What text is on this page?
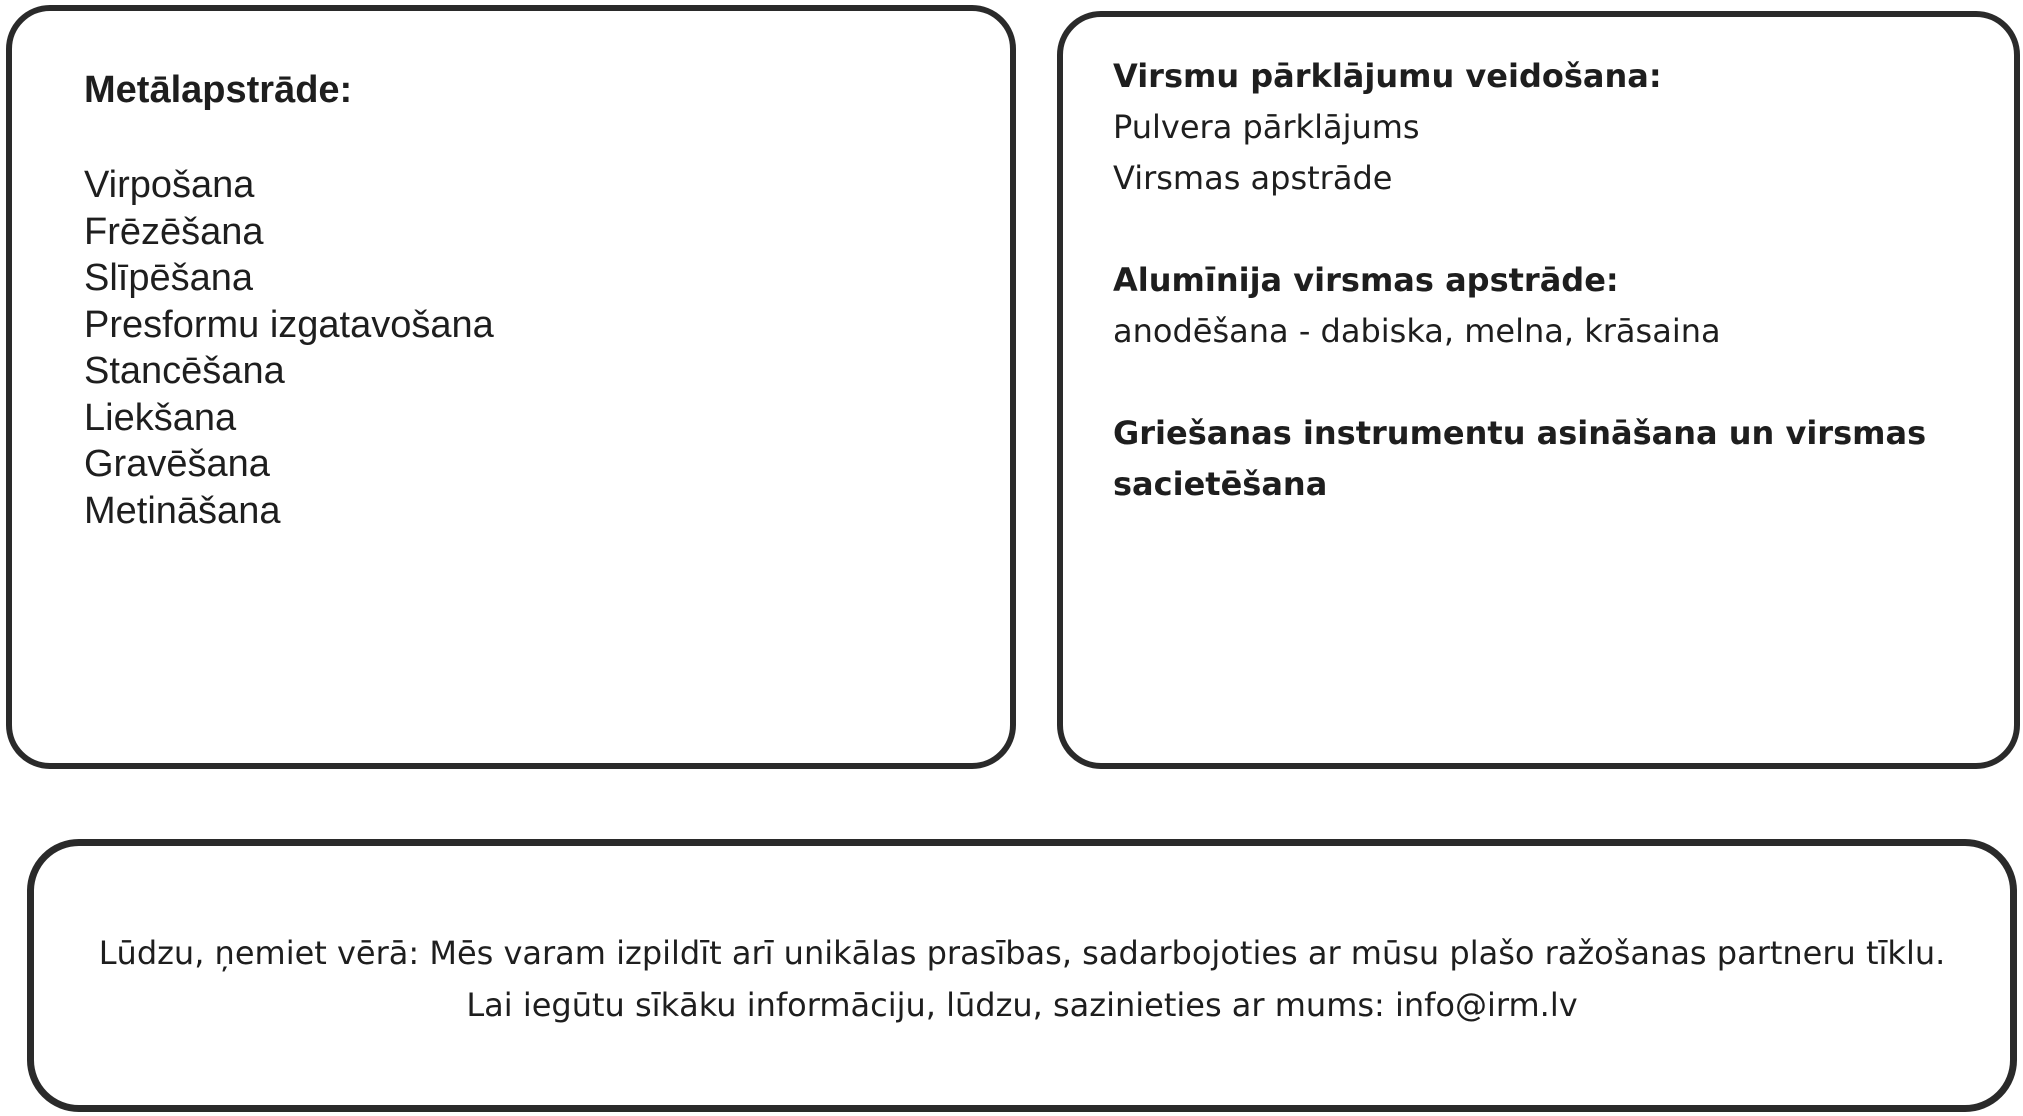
Metālapstrāde:
Virpošana
Frēzēšana
Slīpēšana
Presformu izgatavošana
Stancēšana
Liekšana
Gravēšana
Metināšana
Virsmu pārklājumu veidošana:
Pulvera pārklājums
Virsmas apstrāde
Alumīnija virsmas apstrāde:
anodēšana - dabiska, melna, krāsaina
Griešanas instrumentu asināšana un virsmas
sacietēšana
Lūdzu, ņemiet vērā: Mēs varam izpildīt arī unikālas prasības, sadarbojoties ar mūsu plašo ražošanas partneru tīklu.
Lai iegūtu sīkāku informāciju, lūdzu, sazinieties ar mums: info@irm.lv
